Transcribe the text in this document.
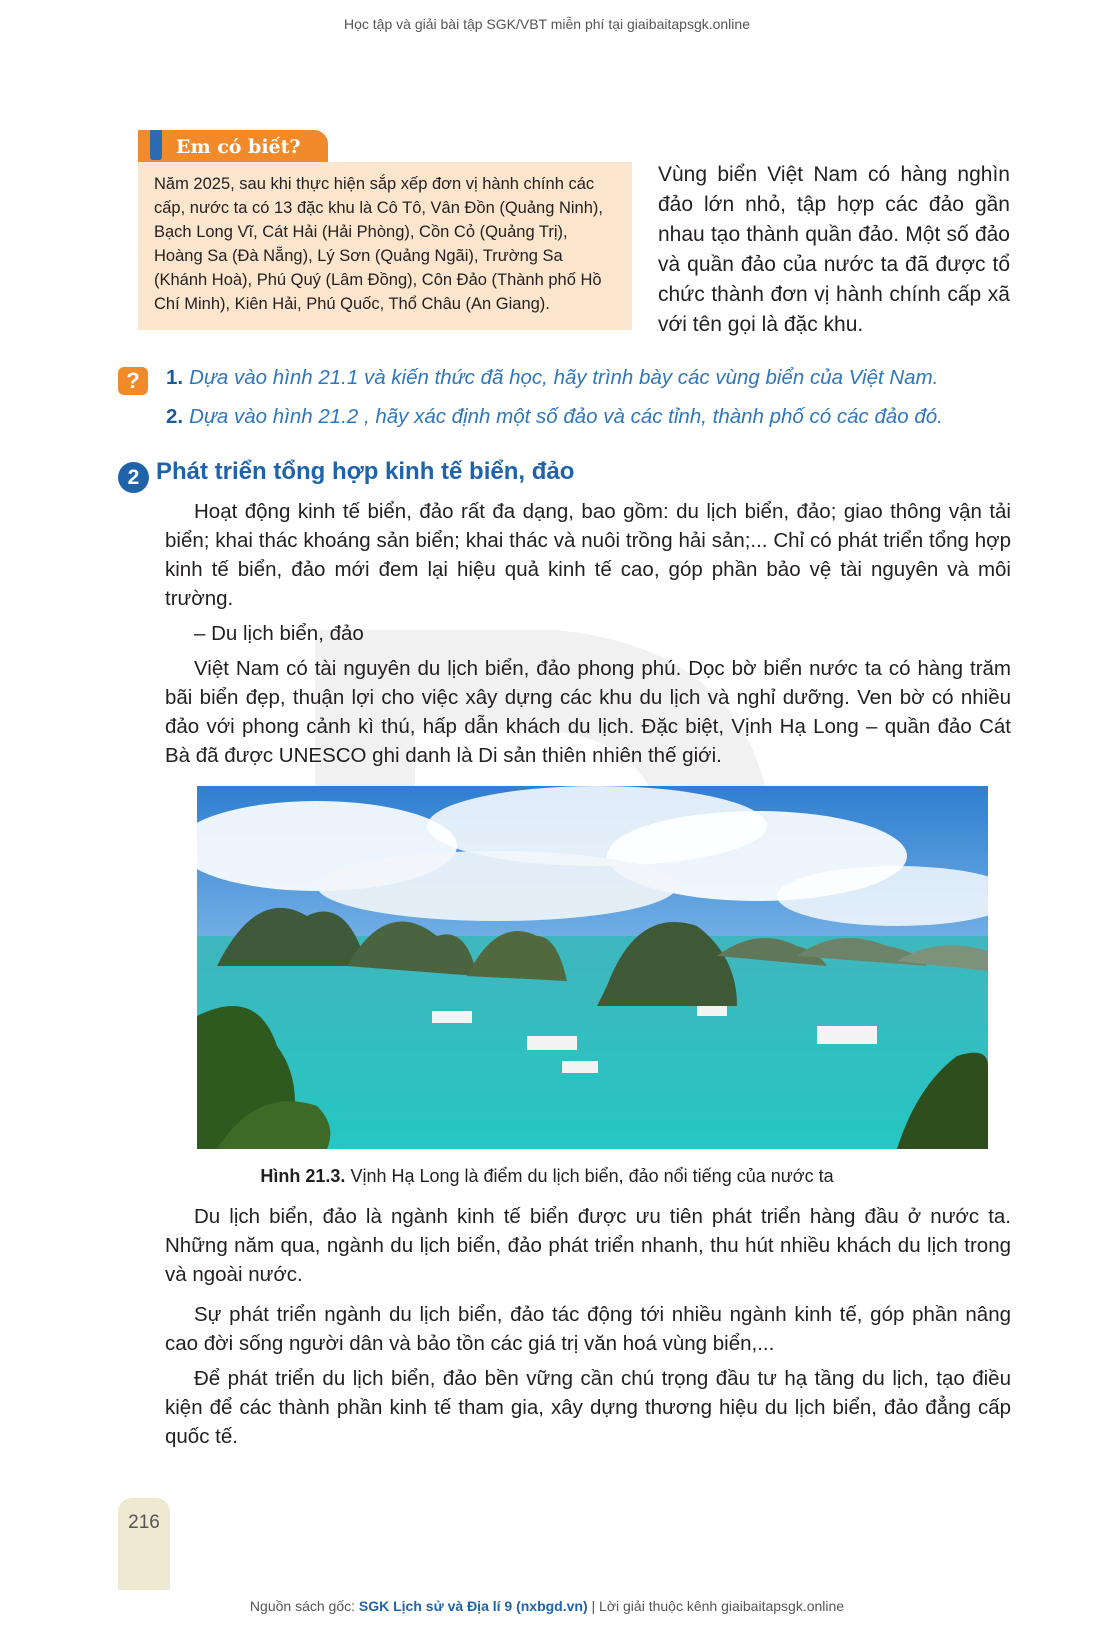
Học tập và giải bài tập SGK/VBT miễn phí tại giaibaitapsgk.online
Em có biết?
Năm 2025, sau khi thực hiện sắp xếp đơn vị hành chính các cấp, nước ta có 13 đặc khu là Cô Tô, Vân Đồn (Quảng Ninh), Bạch Long Vĩ, Cát Hải (Hải Phòng), Cồn Cỏ (Quảng Trị), Hoàng Sa (Đà Nẵng), Lý Sơn (Quảng Ngãi), Trường Sa (Khánh Hoà), Phú Quý (Lâm Đồng), Côn Đảo (Thành phố Hồ Chí Minh), Kiên Hải, Phú Quốc, Thổ Châu (An Giang).
Vùng biển Việt Nam có hàng nghìn đảo lớn nhỏ, tập hợp các đảo gần nhau tạo thành quần đảo. Một số đảo và quần đảo của nước ta đã được tổ chức thành đơn vị hành chính cấp xã với tên gọi là đặc khu.
?	1. Dựa vào hình 21.1 và kiến thức đã học, hãy trình bày các vùng biển của Việt Nam.
2. Dựa vào hình 21.2 , hãy xác định một số đảo và các tỉnh, thành phố có các đảo đó.
2 Phát triển tổng hợp kinh tế biển, đảo

Hoạt động kinh tế biển, đảo rất đa dạng, bao gồm: du lịch biển, đảo; giao thông vận tải biển; khai thác khoáng sản biển; khai thác và nuôi trồng hải sản;... Chỉ có phát triển tổng hợp kinh tế biển, đảo mới đem lại hiệu quả kinh tế cao, góp phần bảo vệ tài nguyên và môi trường.

– Du lịch biển, đảo

Việt Nam có tài nguyên du lịch biển, đảo phong phú. Dọc bờ biển nước ta có hàng trăm bãi biển đẹp, thuận lợi cho việc xây dựng các khu du lịch và nghỉ dưỡng. Ven bờ có nhiều đảo với phong cảnh kì thú, hấp dẫn khách du lịch. Đặc biệt, Vịnh Hạ Long – quần đảo Cát Bà đã được UNESCO ghi danh là Di sản thiên nhiên thế giới.

Hình 21.3. Vịnh Hạ Long là điểm du lịch biển, đảo nổi tiếng của nước ta

Du lịch biển, đảo là ngành kinh tế biển được ưu tiên phát triển hàng đầu ở nước ta. Những năm qua, ngành du lịch biển, đảo phát triển nhanh, thu hút nhiều khách du lịch trong và ngoài nước.

Sự phát triển ngành du lịch biển, đảo tác động tới nhiều ngành kinh tế, góp phần nâng cao đời sống người dân và bảo tồn các giá trị văn hoá vùng biển,...

Để phát triển du lịch biển, đảo bền vững cần chú trọng đầu tư hạ tầng du lịch, tạo điều kiện để các thành phần kinh tế tham gia, xây dựng thương hiệu du lịch biển, đảo đẳng cấp quốc tế.

216
Nguồn sách gốc: SGK Lịch sử và Địa lí 9 (nxbgd.vn) | Lời giải thuộc kênh giaibaitapsgk.online
